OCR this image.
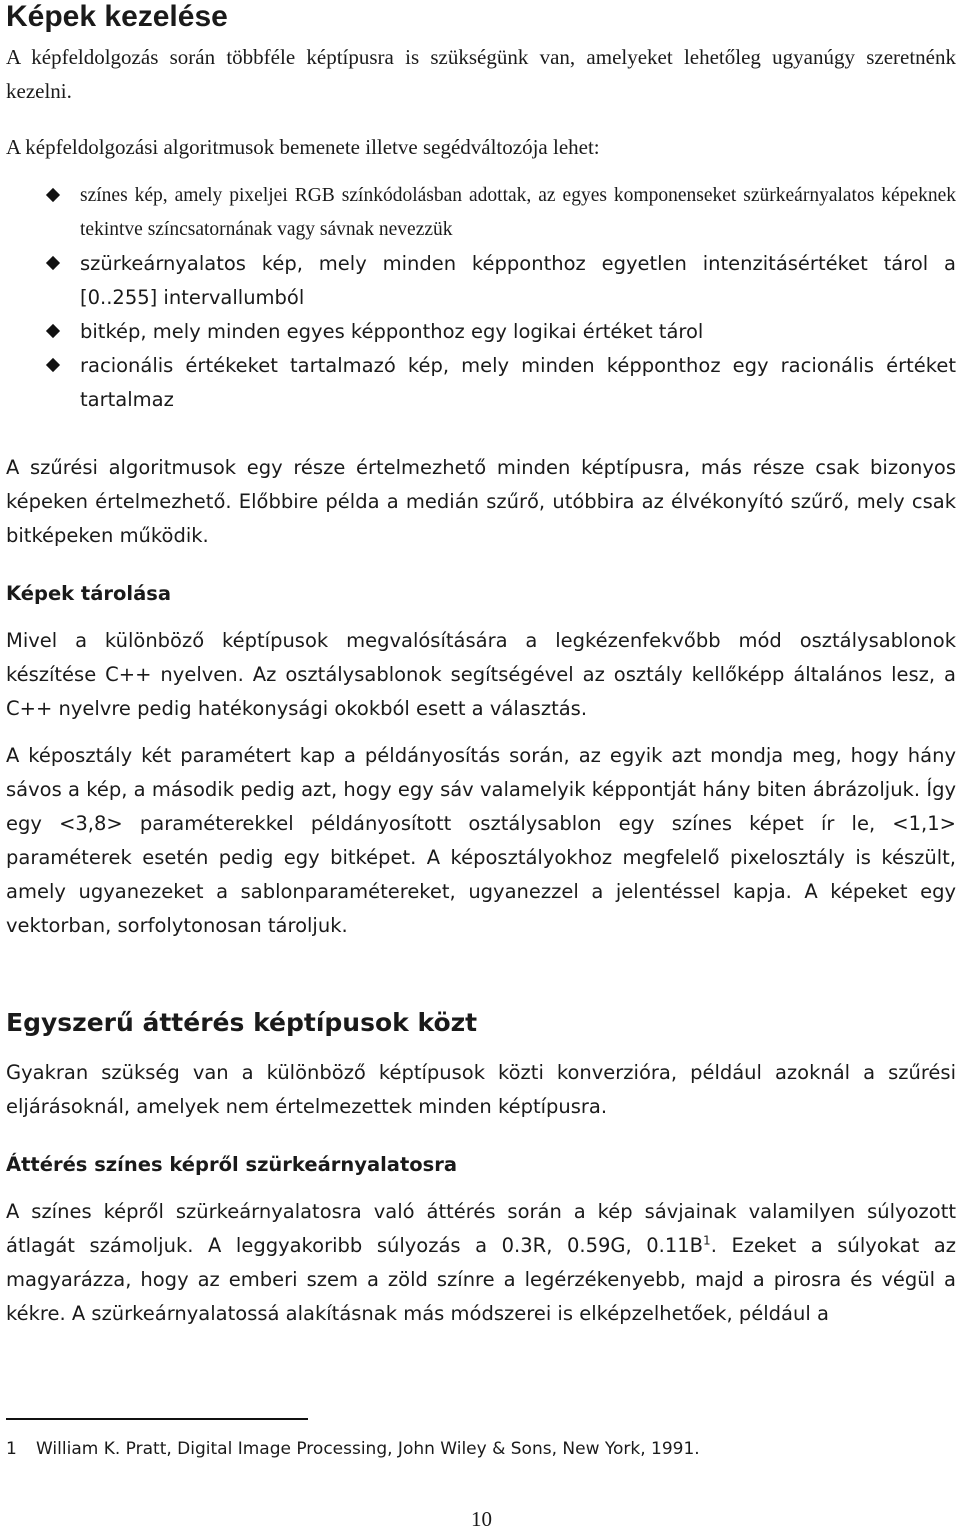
Képek kezelése

A képfeldolgozás során többféle képtípusra is szükségünk van, amelyeket lehetőleg ugyanúgy szeretnénk kezelni.

A képfeldolgozási algoritmusok bemenete illetve segédváltozója lehet:

színes kép, amely pixeljei RGB színkódolásban adottak, az egyes komponenseket szürkeárnyalatos képeknek tekintve színcsatornának vagy sávnak nevezzük
szürkeárnyalatos kép, mely minden képponthoz egyetlen intenzitásértéket tárol a [0..255] intervallumból
bitkép, mely minden egyes képponthoz egy logikai értéket tárol
racionális értékeket tartalmazó kép, mely minden képponthoz egy racionális értéket tartalmaz

A szűrési algoritmusok egy része értelmezhető minden képtípusra, más része csak bizonyos képeken értelmezhető. Előbbire példa a medián szűrő, utóbbira az élvékonyító szűrő, mely csak bitképeken működik.

Képek tárolása

Mivel a különböző képtípusok megvalósítására a legkézenfekvőbb mód osztálysablonok készítése C++ nyelven. Az osztálysablonok segítségével az osztály kellőképp általános lesz, a C++ nyelvre pedig hatékonysági okokból esett a választás.

A képosztály két paramétert kap a példányosítás során, az egyik azt mondja meg, hogy hány sávos a kép, a második pedig azt, hogy egy sáv valamelyik képpontját hány biten ábrázoljuk. Így egy <3,8> paraméterekkel példányosított osztálysablon egy színes képet ír le, <1,1> paraméterek esetén pedig egy bitképet. A képosztályokhoz megfelelő pixelosztály is készült, amely ugyanezeket a sablonparamétereket, ugyanezzel a jelentéssel kapja. A képeket egy vektorban, sorfolytonosan tároljuk.

Egyszerű áttérés képtípusok közt

Gyakran szükség van a különböző képtípusok közti konverzióra, például azoknál a szűrési eljárásoknál, amelyek nem értelmezettek minden képtípusra.

Áttérés színes képről szürkeárnyalatosra

A színes képről szürkeárnyalatosra való áttérés során a kép sávjainak valamilyen súlyozott átlagát számoljuk. A leggyakoribb súlyozás a 0.3R, 0.59G, $0.11B^1$. Ezeket a súlyokat az magyarázza, hogy az emberi szem a zöld színre a legérzékenyebb, majd a pirosra és végül a kékre. A szürkeárnyalatossá alakításnak más módszerei is elképzelhetőek, például a

1 William K. Pratt, Digital Image Processing, John Wiley & Sons, New York, 1991.
10
